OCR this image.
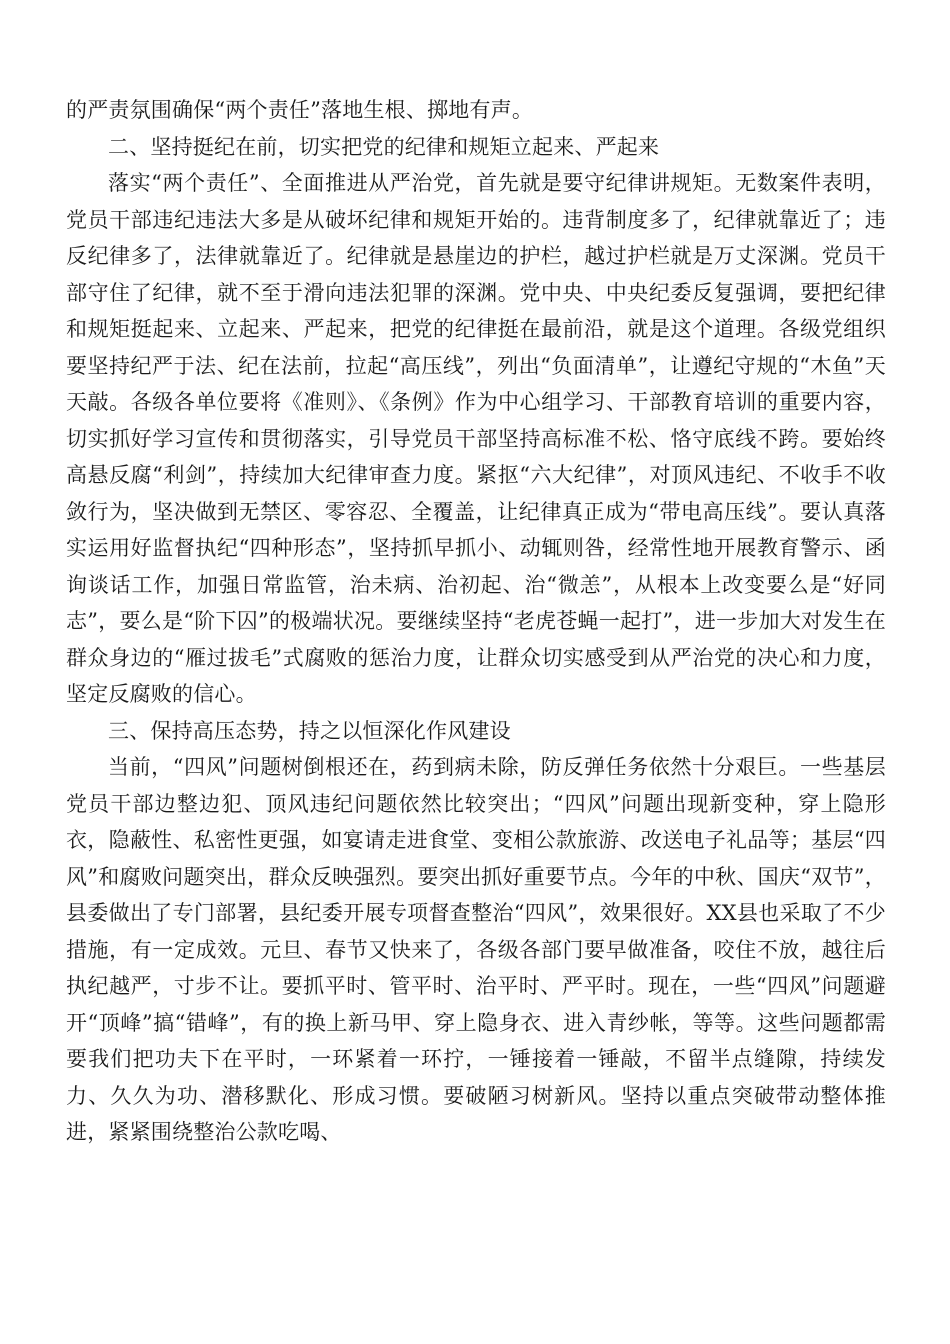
的严责氛围确保“两个责任”落地生根、掷地有声。

二、坚持挺纪在前，切实把党的纪律和规矩立起来、严起来

落实“两个责任”、全面推进从严治党，首先就是要守纪律讲规矩。无数案件表明，党员干部违纪违法大多是从破坏纪律和规矩开始的。违背制度多了，纪律就靠近了；违反纪律多了，法律就靠近了。纪律就是悬崖边的护栏，越过护栏就是万丈深渊。党员干部守住了纪律，就不至于滑向违法犯罪的深渊。党中央、中央纪委反复强调，要把纪律和规矩挺起来、立起来、严起来，把党的纪律挺在最前沿，就是这个道理。各级党组织要坚持纪严于法、纪在法前，拉起“高压线”，列出“负面清单”，让遵纪守规的“木鱼”天天敲。各级各单位要将《准则》、《条例》作为中心组学习、干部教育培训的重要内容，切实抓好学习宣传和贯彻落实，引导党员干部坚持高标准不松、恪守底线不跨。要始终高悬反腐“利剑”，持续加大纪律审查力度。紧抠“六大纪律”，对顶风违纪、不收手不收敛行为，坚决做到无禁区、零容忍、全覆盖，让纪律真正成为“带电高压线”。要认真落实运用好监督执纪“四种形态”，坚持抓早抓小、动辄则咎，经常性地开展教育警示、函询谈话工作，加强日常监管，治未病、治初起、治“微恙”，从根本上改变要么是“好同志”，要么是“阶下囚”的极端状况。要继续坚持“老虎苍蝇一起打”，进一步加大对发生在群众身边的“雁过拔毛”式腐败的惩治力度，让群众切实感受到从严治党的决心和力度，坚定反腐败的信心。

三、保持高压态势，持之以恒深化作风建设

当前，“四风”问题树倒根还在，药到病未除，防反弹任务依然十分艰巨。一些基层党员干部边整边犯、顶风违纪问题依然比较突出；“四风”问题出现新变种，穿上隐形衣，隐蔽性、私密性更强，如宴请走进食堂、变相公款旅游、改送电子礼品等；基层“四风”和腐败问题突出，群众反映强烈。要突出抓好重要节点。今年的中秋、国庆“双节”，县委做出了专门部署，县纪委开展专项督查整治“四风”，效果很好。XX县也采取了不少措施，有一定成效。元旦、春节又快来了，各级各部门要早做准备，咬住不放，越往后执纪越严，寸步不让。要抓平时、管平时、治平时、严平时。现在，一些“四风”问题避开“顶峰”搞“错峰”，有的换上新马甲、穿上隐身衣、进入青纱帐，等等。这些问题都需要我们把功夫下在平时，一环紧着一环拧，一锤接着一锤敲，不留半点缝隙，持续发力、久久为功、潜移默化、形成习惯。要破陋习树新风。坚持以重点突破带动整体推进，紧紧围绕整治公款吃喝、
